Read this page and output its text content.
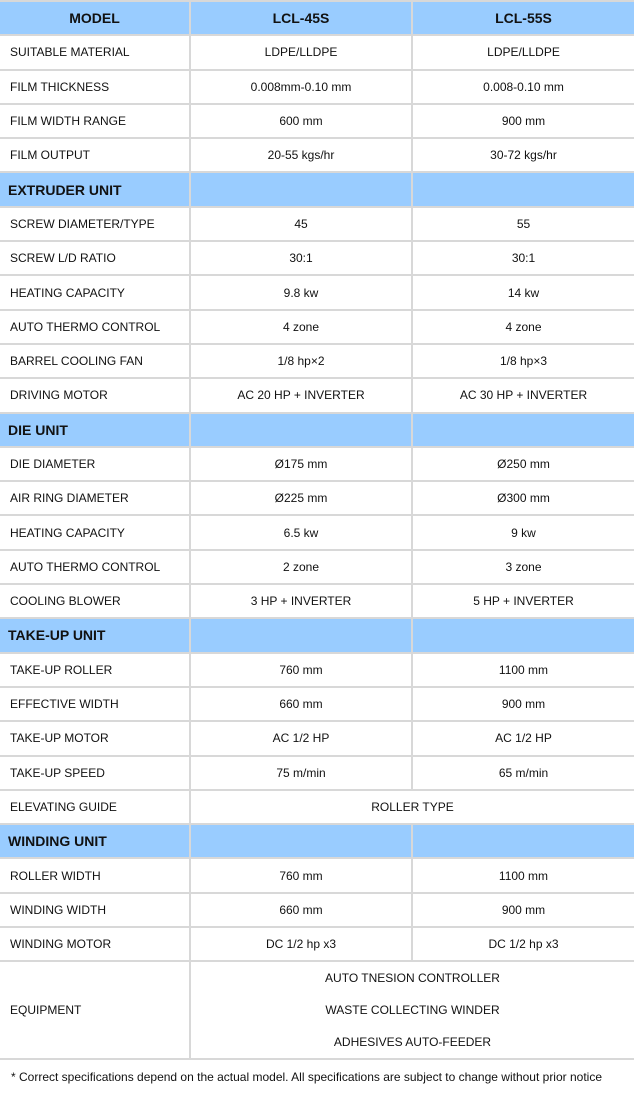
MODEL	LCL-45S	LCL-55S
SUITABLE MATERIAL	LDPE/LLDPE	LDPE/LLDPE
FILM THICKNESS	0.008mm-0.10 mm	0.008-0.10 mm
FILM WIDTH RANGE	600 mm	900 mm
FILM OUTPUT	20-55 kgs/hr	30-72 kgs/hr
EXTRUDER UNIT		
SCREW DIAMETER/TYPE	45	55
SCREW L/D RATIO	30:1	30:1
HEATING CAPACITY	9.8 kw	14 kw
AUTO THERMO CONTROL	4 zone	4 zone
BARREL COOLING FAN	1/8 hp×2	1/8 hp×3
DRIVING MOTOR	AC 20 HP + INVERTER	AC 30 HP + INVERTER
DIE UNIT		
DIE DIAMETER	Ø175 mm	Ø250 mm
AIR RING DIAMETER	Ø225 mm	Ø300 mm
HEATING CAPACITY	6.5 kw	9 kw
AUTO THERMO CONTROL	2 zone	3 zone
COOLING BLOWER	3 HP + INVERTER	5 HP + INVERTER
TAKE-UP UNIT		
TAKE-UP ROLLER	760 mm	1100 mm
EFFECTIVE WIDTH	660 mm	900 mm
TAKE-UP MOTOR	AC 1/2 HP	AC 1/2 HP
TAKE-UP SPEED	75 m/min	65 m/min
ELEVATING GUIDE	ROLLER TYPE	
WINDING UNIT		
ROLLER WIDTH	760 mm	1100 mm
WINDING WIDTH	660 mm	900 mm
WINDING MOTOR	DC 1/2 hp x3	DC 1/2 hp x3
EQUIPMENT	AUTO TNESION CONTROLLER
WASTE COLLECTING WINDER
ADHESIVES AUTO-FEEDER	
* Correct specifications depend on the actual model. All specifications are subject to change without prior notice
